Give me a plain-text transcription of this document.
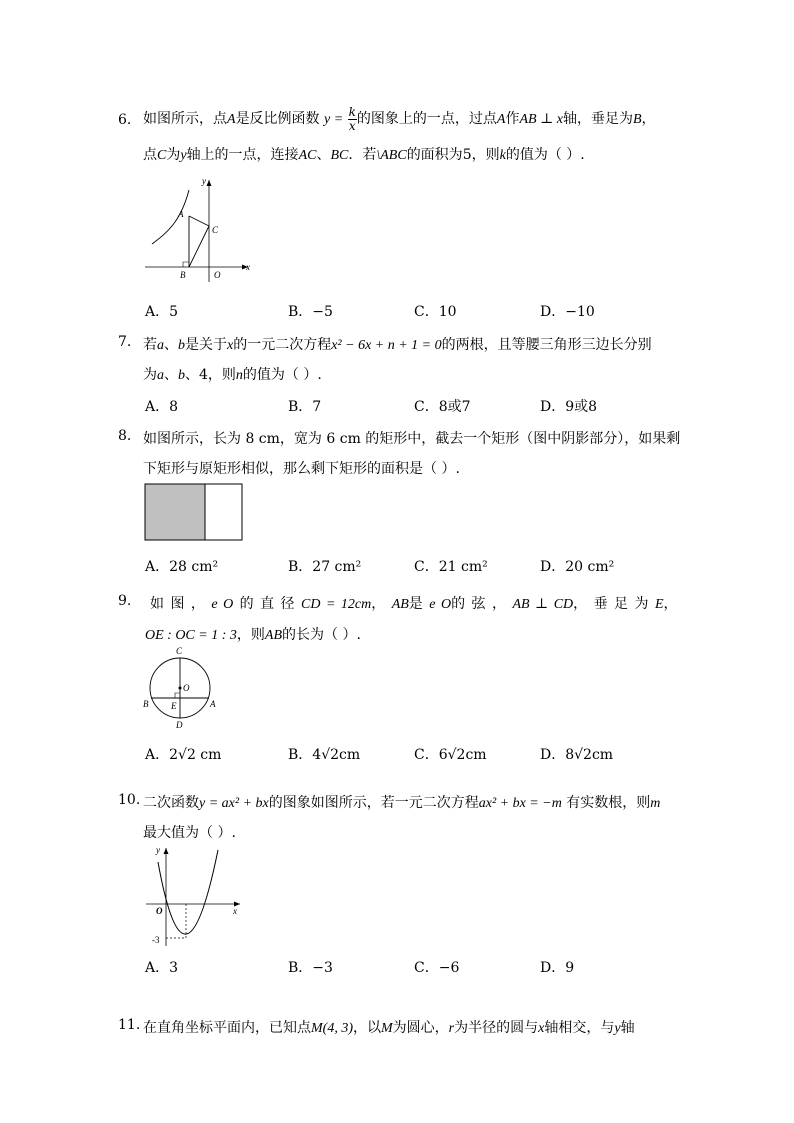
6. 如图所示，点A是反比例函数 $y = \frac{k}{x}$ 的图象上的一点，过点A作AB ⊥ x轴，垂足为B，
点C为y轴上的一点，连接AC、BC．若\ABC的面积为5，则k的值为（ ）.
y
x
A
B
C
O
A．5	B．−5	C．10	D．−10
7. 若a、b是关于x的一元二次方程x² − 6x + n + 1 = 0的两根，且等腰三角形三边长分别
为a、b、4，则n的值为（ ）.
A．8	B．7	C．8或7	D．9或8
8. 如图所示，长为 8 cm，宽为 6 cm 的矩形中，截去一个矩形（图中阴影部分），如果剩
下矩形与原矩形相似，那么剩下矩形的面积是（ ）.
A．28 cm²	B．27 cm²	C．21 cm²	D．20 cm²
9. 如 图 ， e O 的 直 径 CD = 12cm， AB是 e O的 弦 ， AB ⊥ CD， 垂 足 为 E，
OE : OC = 1 : 3，则AB的长为（ ）.
C
O
B	E	A
D
A．2√2 cm	B．4√2cm	C．6√2cm	D．8√2cm
10. 二次函数y = ax² + bx的图象如图所示，若一元二次方程ax² + bx = −m 有实数根，则m
最大值为（ ）.
y
x
O
-3
A．3	B．−3	C．−6	D．9
11. 在直角坐标平面内，已知点M(4, 3)，以M为圆心，r为半径的圆与x轴相交，与y轴
